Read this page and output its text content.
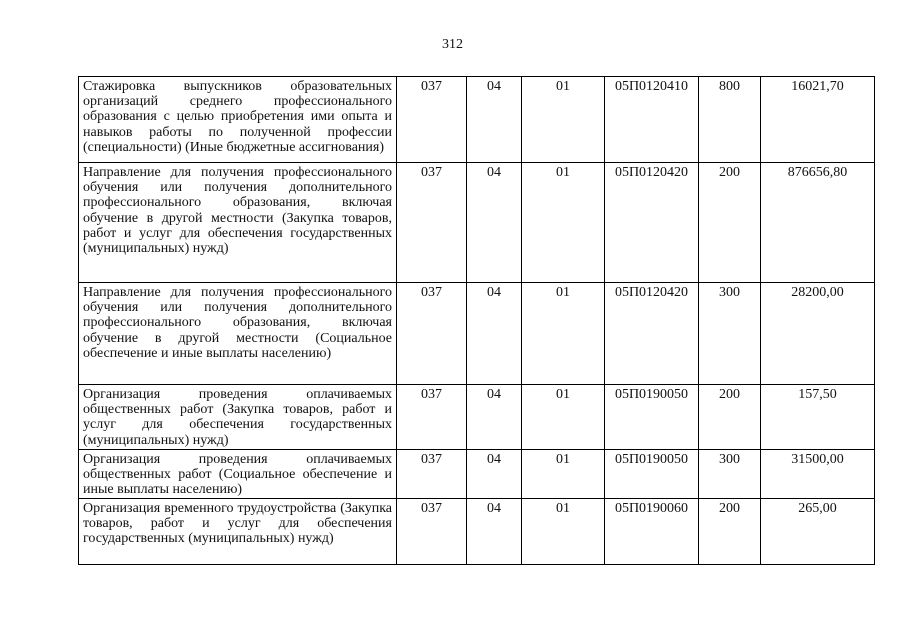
312
Стажировка выпускников образовательных организаций среднего профессионального образования с целью приобретения ими опыта и навыков работы по полученной профессии (специальности) (Иные бюджетные ассигнования)	037	04	01	05П0120410	800	16021,70
Направление для получения профессионального обучения или получения дополнительного профессионального образования, включая обучение в другой местности (Закупка товаров, работ и услуг для обеспечения государственных (муниципальных) нужд)	037	04	01	05П0120420	200	876656,80
Направление для получения профессионального обучения или получения дополнительного профессионального образования, включая обучение в другой местности (Социальное обеспечение и иные выплаты населению)	037	04	01	05П0120420	300	28200,00
Организация проведения оплачиваемых общественных работ (Закупка товаров, работ и услуг для обеспечения государственных (муниципальных) нужд)	037	04	01	05П0190050	200	157,50
Организация проведения оплачиваемых общественных работ (Социальное обеспечение и иные выплаты населению)	037	04	01	05П0190050	300	31500,00
Организация временного трудоустройства (Закупка товаров, работ и услуг для обеспечения государственных (муниципальных) нужд)	037	04	01	05П0190060	200	265,00
